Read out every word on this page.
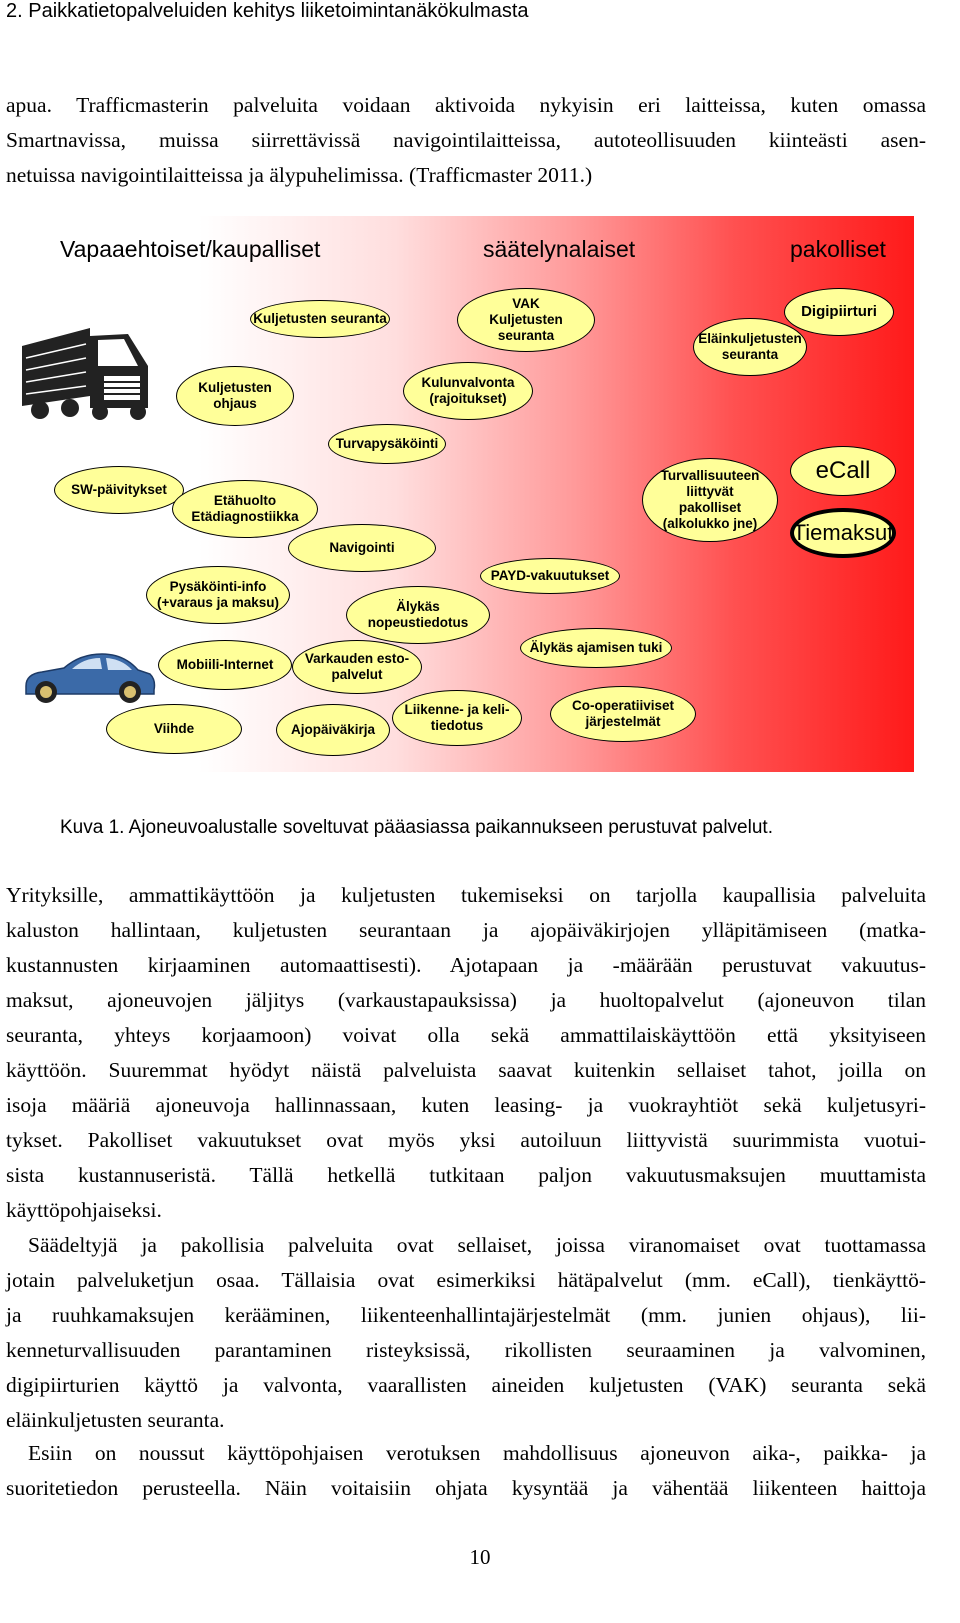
2. Paikkatietopalveluiden kehitys liiketoimintanäkökulmasta
apua. Trafficmasterin palveluita voidaan aktivoida nykyisin eri laitteissa, kuten omassa
Smartnavissa, muissa siirrettävissä navigointilaitteissa, autoteollisuuden kiinteästi asen-
netuissa navigointilaitteissa ja älypuhelimissa. (Trafficmaster 2011.)
Vapaaehtoiset/kaupalliset	säätelynalaiset	pakolliset
Kuljetusten seuranta
VAK
Kuljetusten
seuranta
Digipiirturi
Eläinkuljetusten
seuranta
Kuljetusten
ohjaus
Kulunvalvonta
(rajoitukset)
Turvapysäköinti
SW-päivitykset
Etähuolto
Etädiagnostiikka
Navigointi
Turvallisuuteen
liittyvät
pakolliset
(alkolukko jne)
eCall
Tiemaksut
PAYD-vakuutukset
Pysäköinti-info
(+varaus ja maksu)	Älykäs
nopeustiedotus
Älykäs ajamisen tuki
Mobiili-Internet Varkauden esto-
palvelut
Liikenne- ja keli-
tiedotus
Co-operatiiviset
järjestelmät
Viihde	Ajopäiväkirja
Kuva 1. Ajoneuvoalustalle soveltuvat pääasiassa paikannukseen perustuvat palvelut.
Yrityksille, ammattikäyttöön ja kuljetusten tukemiseksi on tarjolla kaupallisia palveluita
kaluston hallintaan, kuljetusten seurantaan ja ajopäiväkirjojen ylläpitämiseen (matka-
kustannusten kirjaaminen automaattisesti). Ajotapaan ja -määrään perustuvat vakuutus-
maksut, ajoneuvojen jäljitys (varkaustapauksissa) ja huoltopalvelut (ajoneuvon tilan
seuranta, yhteys korjaamoon) voivat olla sekä ammattilaiskäyttöön että yksityiseen
käyttöön. Suuremmat hyödyt näistä palveluista saavat kuitenkin sellaiset tahot, joilla on
isoja määriä ajoneuvoja hallinnassaan, kuten leasing- ja vuokrayhtiöt sekä kuljetusyri-
tykset. Pakolliset vakuutukset ovat myös yksi autoiluun liittyvistä suurimmista vuotui-
sista kustannuseristä. Tällä hetkellä tutkitaan paljon vakuutusmaksujen muuttamista
käyttöpohjaiseksi.
Säädeltyjä ja pakollisia palveluita ovat sellaiset, joissa viranomaiset ovat tuottamassa
jotain palveluketjun osaa. Tällaisia ovat esimerkiksi hätäpalvelut (mm. eCall), tienkäyttö-
ja ruuhkamaksujen kerääminen, liikenteenhallintajärjestelmät (mm. junien ohjaus), lii-
kenneturvallisuuden parantaminen risteyksissä, rikollisten seuraaminen ja valvominen,
digipiirturien käyttö ja valvonta, vaarallisten aineiden kuljetusten (VAK) seuranta sekä
eläinkuljetusten seuranta.
Esiin on noussut käyttöpohjaisen verotuksen mahdollisuus ajoneuvon aika-, paikka- ja
suoritetiedon perusteella. Näin voitaisiin ohjata kysyntää ja vähentää liikenteen haittoja
10
